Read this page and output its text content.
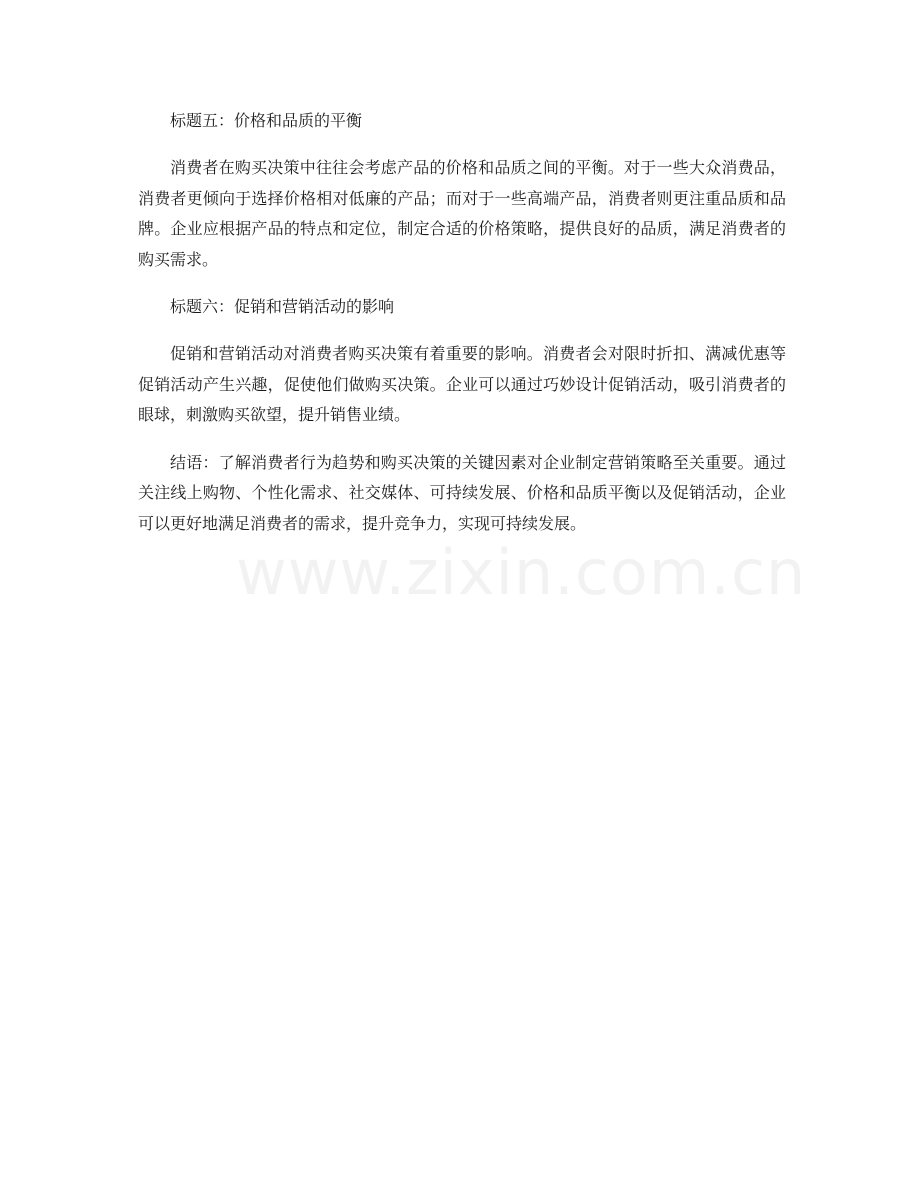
标题五：价格和品质的平衡

消费者在购买决策中往往会考虑产品的价格和品质之间的平衡。对于一些大众消费品，消费者更倾向于选择价格相对低廉的产品；而对于一些高端产品，消费者则更注重品质和品牌。企业应根据产品的特点和定位，制定合适的价格策略，提供良好的品质，满足消费者的购买需求。

标题六：促销和营销活动的影响

促销和营销活动对消费者购买决策有着重要的影响。消费者会对限时折扣、满减优惠等促销活动产生兴趣，促使他们做购买决策。企业可以通过巧妙设计促销活动，吸引消费者的眼球，刺激购买欲望，提升销售业绩。

结语：了解消费者行为趋势和购买决策的关键因素对企业制定营销策略至关重要。通过关注线上购物、个性化需求、社交媒体、可持续发展、价格和品质平衡以及促销活动，企业可以更好地满足消费者的需求，提升竞争力，实现可持续发展。

www.zixin.com.cn
